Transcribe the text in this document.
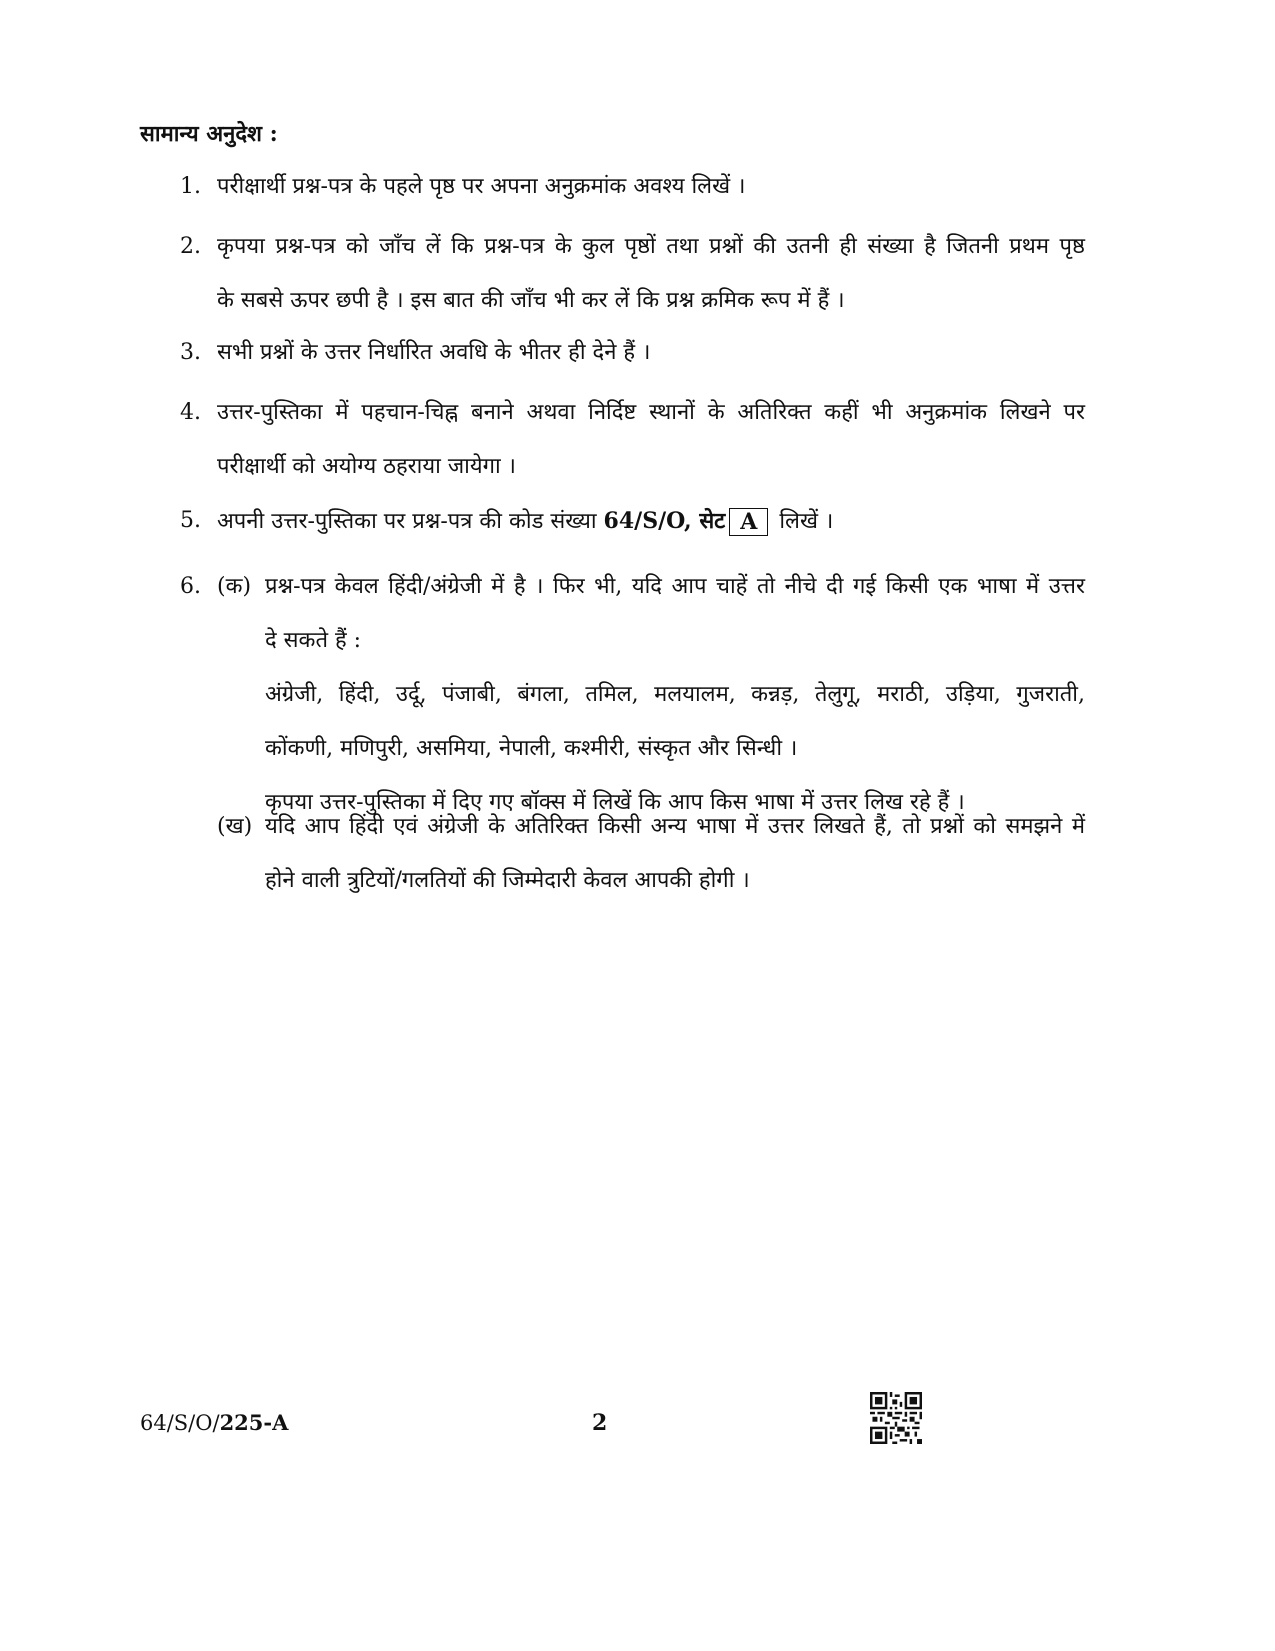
सामान्य अनुदेश :
1. परीक्षार्थी प्रश्न-पत्र के पहले पृष्ठ पर अपना अनुक्रमांक अवश्य लिखें ।
2. कृपया प्रश्न-पत्र को जाँच लें कि प्रश्न-पत्र के कुल पृष्ठों तथा प्रश्नों की उतनी ही संख्या है जितनी प्रथम पृष्ठ
के सबसे ऊपर छपी है । इस बात की जाँच भी कर लें कि प्रश्न क्रमिक रूप में हैं ।
3. सभी प्रश्नों के उत्तर निर्धारित अवधि के भीतर ही देने हैं ।
4. उत्तर-पुस्तिका में पहचान-चिह्न बनाने अथवा निर्दिष्ट स्थानों के अतिरिक्त कहीं भी अनुक्रमांक लिखने पर
परीक्षार्थी को अयोग्य ठहराया जायेगा ।
5. अपनी उत्तर-पुस्तिका पर प्रश्न-पत्र की कोड संख्या 64/S/O, सेट A लिखें ।
6. (क) प्रश्न-पत्र केवल हिंदी/अंग्रेजी में है । फिर भी, यदि आप चाहें तो नीचे दी गई किसी एक भाषा में उत्तर
दे सकते हैं :
अंग्रेजी, हिंदी, उर्दू, पंजाबी, बंगला, तमिल, मलयालम, कन्नड़, तेलुगू, मराठी, उड़िया, गुजराती,
कोंकणी, मणिपुरी, असमिया, नेपाली, कश्मीरी, संस्कृत और सिन्धी ।
कृपया उत्तर-पुस्तिका में दिए गए बॉक्स में लिखें कि आप किस भाषा में उत्तर लिख रहे हैं ।
(ख) यदि आप हिंदी एवं अंग्रेजी के अतिरिक्त किसी अन्य भाषा में उत्तर लिखते हैं, तो प्रश्नों को समझने में
होने वाली त्रुटियों/गलतियों की जिम्मेदारी केवल आपकी होगी ।
64/S/O/225-A	2
